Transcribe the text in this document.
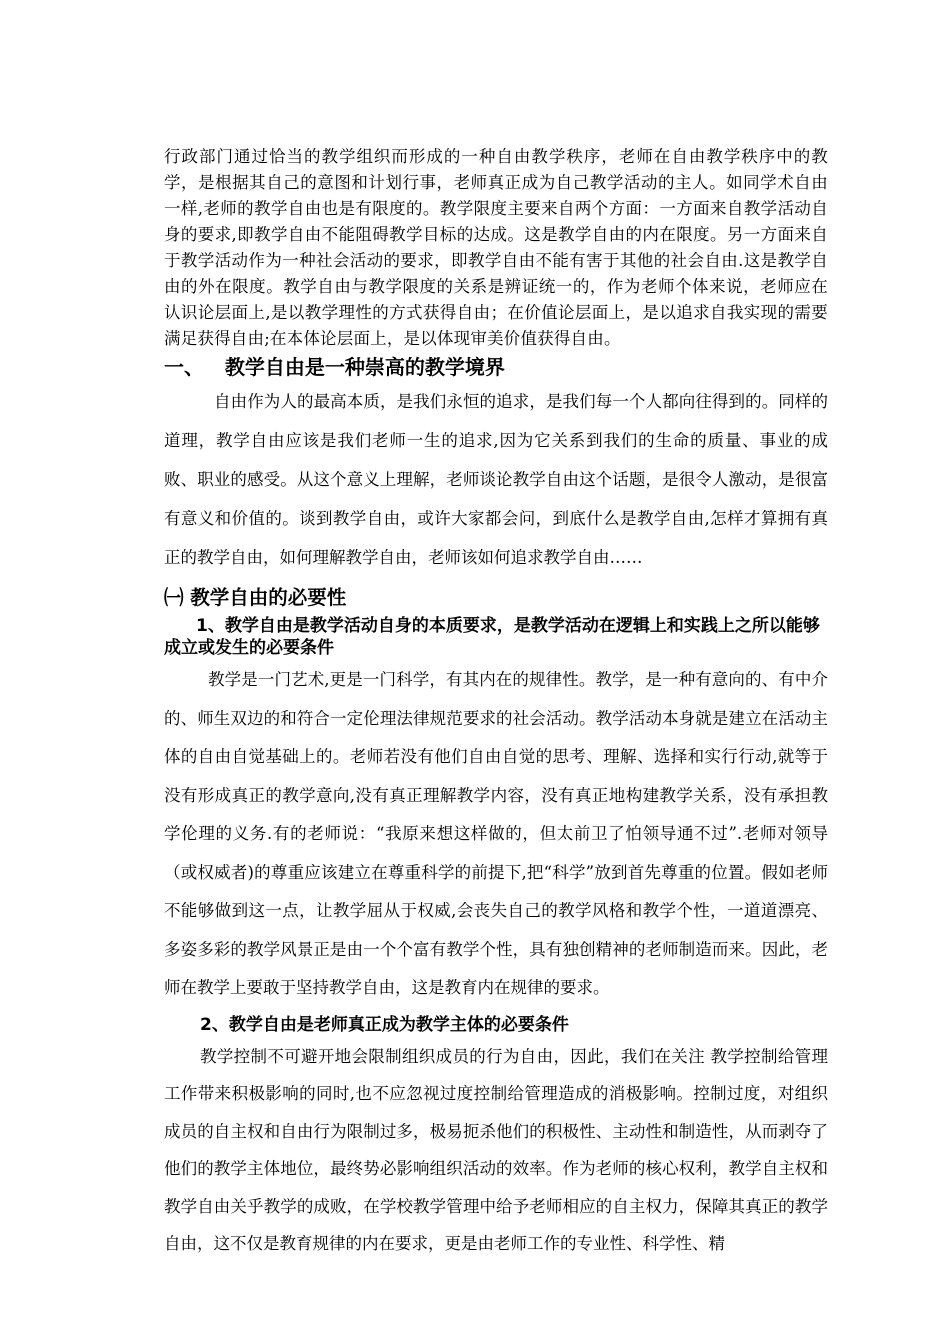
行政部门通过恰当的教学组织而形成的一种自由教学秩序，老师在自由教学秩序中的教学，是根据其自己的意图和计划行事，老师真正成为自己教学活动的主人。如同学术自由一样,老师的教学自由也是有限度的。教学限度主要来自两个方面：一方面来自教学活动自身的要求,即教学自由不能阻碍教学目标的达成。这是教学自由的内在限度。另一方面来自于教学活动作为一种社会活动的要求，即教学自由不能有害于其他的社会自由.这是教学自由的外在限度。教学自由与教学限度的关系是辨证统一的，作为老师个体来说，老师应在认识论层面上,是以教学理性的方式获得自由；在价值论层面上，是以追求自我实现的需要满足获得自由;在本体论层面上，是以体现审美价值获得自由。

一、   教学自由是一种崇高的教学境界

自由作为人的最高本质，是我们永恒的追求，是我们每一个人都向往得到的。同样的道理，教学自由应该是我们老师一生的追求,因为它关系到我们的生命的质量、事业的成败、职业的感受。从这个意义上理解，老师谈论教学自由这个话题，是很令人激动，是很富有意义和价值的。谈到教学自由，或许大家都会问，到底什么是教学自由,怎样才算拥有真正的教学自由，如何理解教学自由，老师该如何追求教学自由……

㈠ 教学自由的必要性
1、教学自由是教学活动自身的本质要求，是教学活动在逻辑上和实践上之所以能够成立或发生的必要条件

教学是一门艺术,更是一门科学，有其内在的规律性。教学，是一种有意向的、有中介的、师生双边的和符合一定伦理法律规范要求的社会活动。教学活动本身就是建立在活动主体的自由自觉基础上的。老师若没有他们自由自觉的思考、理解、选择和实行行动,就等于没有形成真正的教学意向,没有真正理解教学内容，没有真正地构建教学关系，没有承担教学伦理的义务.有的老师说：“我原来想这样做的，但太前卫了怕领导通不过”.老师对领导（或权威者)的尊重应该建立在尊重科学的前提下,把“科学”放到首先尊重的位置。假如老师不能够做到这一点，让教学屈从于权威,会丧失自己的教学风格和教学个性，一道道漂亮、多姿多彩的教学风景正是由一个个富有教学个性，具有独创精神的老师制造而来。因此，老师在教学上要敢于坚持教学自由，这是教育内在规律的要求。

2、教学自由是老师真正成为教学主体的必要条件

教学控制不可避开地会限制组织成员的行为自由，因此，我们在关注 教学控制给管理工作带来积极影响的同时,也不应忽视过度控制给管理造成的消极影响。控制过度，对组织成员的自主权和自由行为限制过多，极易扼杀他们的积极性、主动性和制造性，从而剥夺了他们的教学主体地位，最终势必影响组织活动的效率。作为老师的核心权利，教学自主权和教学自由关乎教学的成败，在学校教学管理中给予老师相应的自主权力，保障其真正的教学自由，这不仅是教育规律的内在要求，更是由老师工作的专业性、科学性、精
